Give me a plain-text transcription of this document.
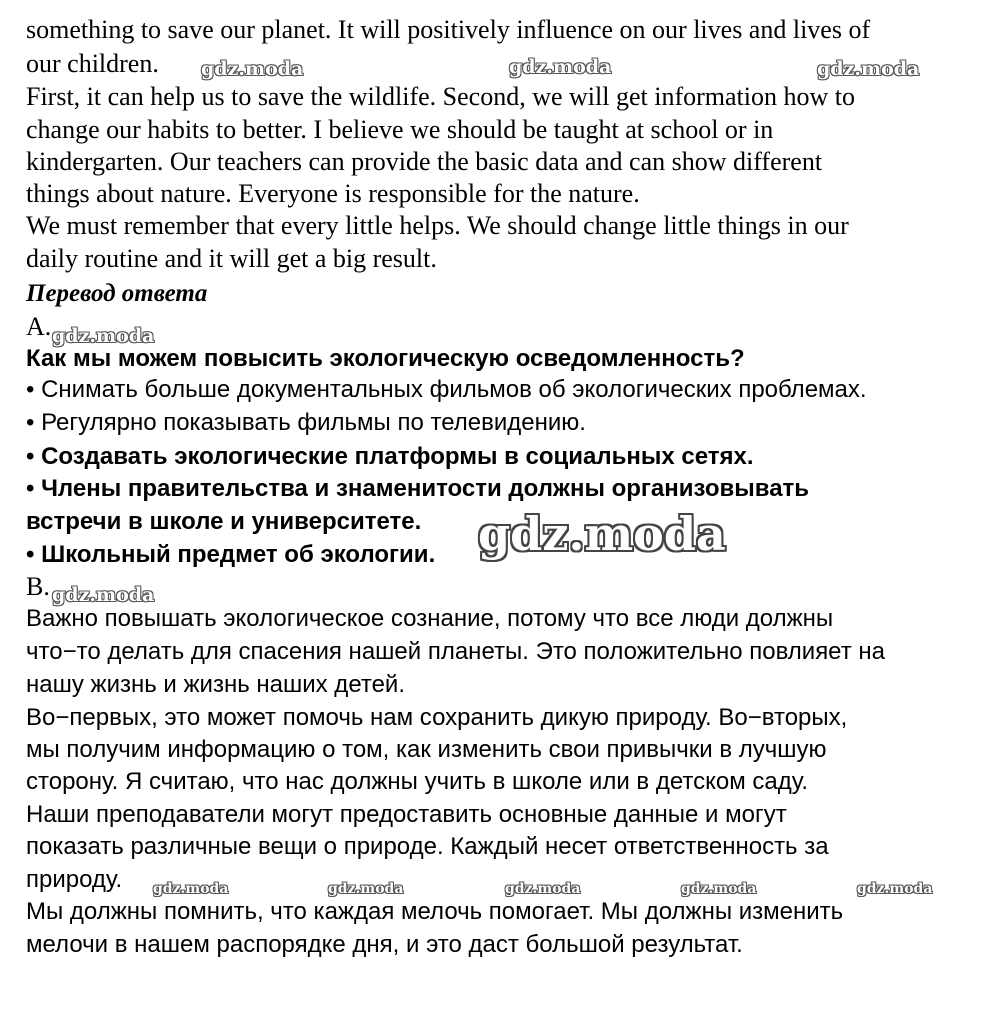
something to save our planet. It will positively influence on our lives and lives of
our children.
First, it can help us to save the wildlife. Second, we will get information how to
change our habits to better. I believe we should be taught at school or in
kindergarten. Our teachers can provide the basic data and can show different
things about nature. Everyone is responsible for the nature.
We must remember that every little helps. We should change little things in our
daily routine and it will get a big result.
Перевод ответа
A.
Как мы можем повысить экологическую осведомленность?
• Снимать больше документальных фильмов об экологических проблемах.
• Регулярно показывать фильмы по телевидению.
• Создавать экологические платформы в социальных сетях.
• Члены правительства и знаменитости должны организовывать
встречи в школе и университете.
• Школьный предмет об экологии.
B.
Важно повышать экологическое сознание, потому что все люди должны
что−то делать для спасения нашей планеты. Это положительно повлияет на
нашу жизнь и жизнь наших детей.
Во−первых, это может помочь нам сохранить дикую природу. Во−вторых,
мы получим информацию о том, как изменить свои привычки в лучшую
сторону. Я считаю, что нас должны учить в школе или в детском саду.
Наши преподаватели могут предоставить основные данные и могут
показать различные вещи о природе. Каждый несет ответственность за
природу.
Мы должны помнить, что каждая мелочь помогает. Мы должны изменить
мелочи в нашем распорядке дня, и это даст большой результат.
gdz.moda	gdz.moda	gdz.moda
gdz.moda
gdz.moda
gdz.moda
gdz.moda	gdz.moda	gdz.moda	gdz.moda	gdz.moda
